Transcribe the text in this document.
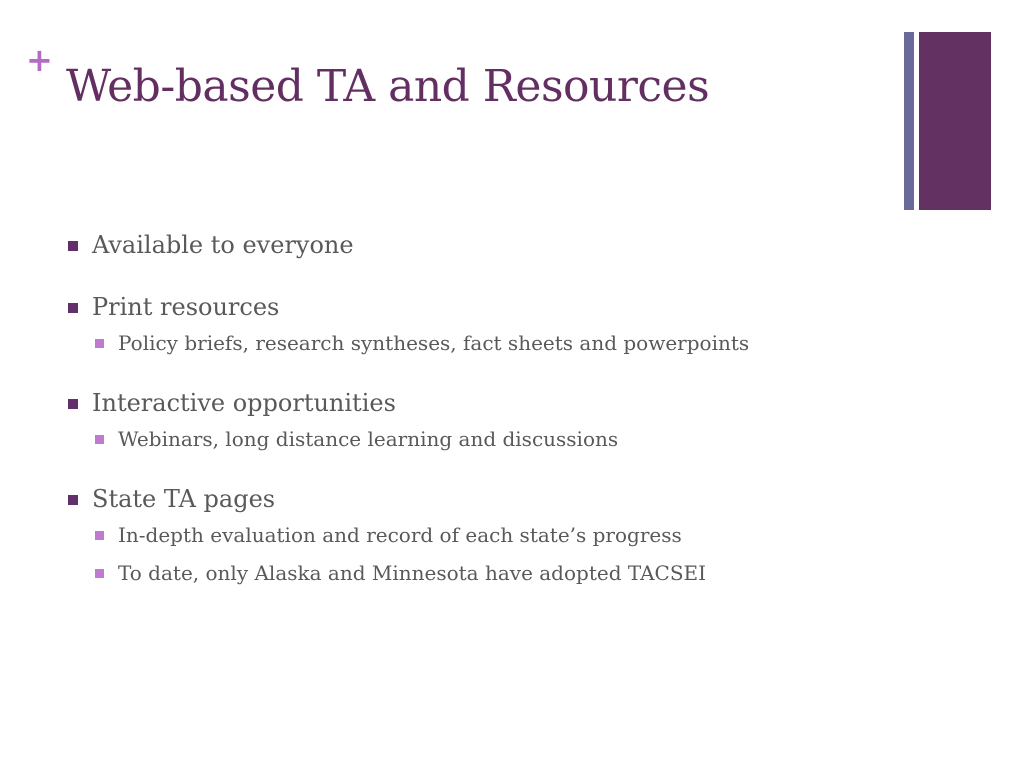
+
Web-based TA and Resources
Available to everyone
Print resources
Policy briefs, research syntheses, fact sheets and powerpoints
Interactive opportunities
Webinars, long distance learning and discussions
State TA pages
In-depth evaluation and record of each state’s progress
To date, only Alaska and Minnesota have adopted TACSEI
